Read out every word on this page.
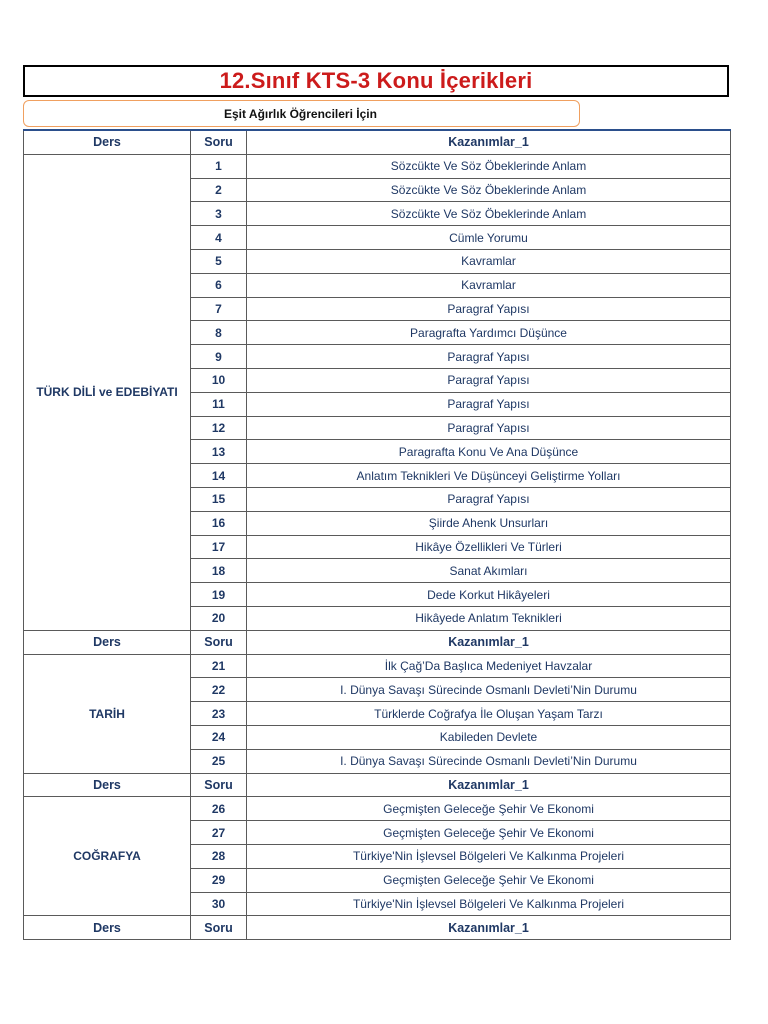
12.Sınıf KTS-3 Konu İçerikleri
Eşit Ağırlık Öğrencileri İçin
Ders	Soru	Kazanımlar_1
TÜRK DİLİ ve EDEBİYATI	1	Sözcükte Ve Söz Öbeklerinde Anlam
	2	Sözcükte Ve Söz Öbeklerinde Anlam
	3	Sözcükte Ve Söz Öbeklerinde Anlam
	4	Cümle Yorumu
	5	Kavramlar
	6	Kavramlar
	7	Paragraf Yapısı
	8	Paragrafta Yardımcı Düşünce
	9	Paragraf Yapısı
	10	Paragraf Yapısı
	11	Paragraf Yapısı
	12	Paragraf Yapısı
	13	Paragrafta Konu Ve Ana Düşünce
	14	Anlatım Teknikleri Ve Düşünceyi Geliştirme Yolları
	15	Paragraf Yapısı
	16	Şiirde Ahenk Unsurları
	17	Hikâye Özellikleri Ve Türleri
	18	Sanat Akımları
	19	Dede Korkut Hikâyeleri
	20	Hikâyede Anlatım Teknikleri
Ders	Soru	Kazanımlar_1
TARİH	21	İlk Çağ’Da Başlıca Medeniyet Havzalar
	22	I. Dünya Savaşı Sürecinde Osmanlı Devleti’Nin Durumu
	23	Türklerde Coğrafya İle Oluşan Yaşam Tarzı
	24	Kabileden Devlete
	25	I. Dünya Savaşı Sürecinde Osmanlı Devleti’Nin Durumu
Ders	Soru	Kazanımlar_1
COĞRAFYA	26	Geçmişten Geleceğe Şehir Ve Ekonomi
	27	Geçmişten Geleceğe Şehir Ve Ekonomi
	28	Türkiye'Nin İşlevsel Bölgeleri Ve Kalkınma Projeleri
	29	Geçmişten Geleceğe Şehir Ve Ekonomi
	30	Türkiye'Nin İşlevsel Bölgeleri Ve Kalkınma Projeleri
Ders	Soru	Kazanımlar_1
